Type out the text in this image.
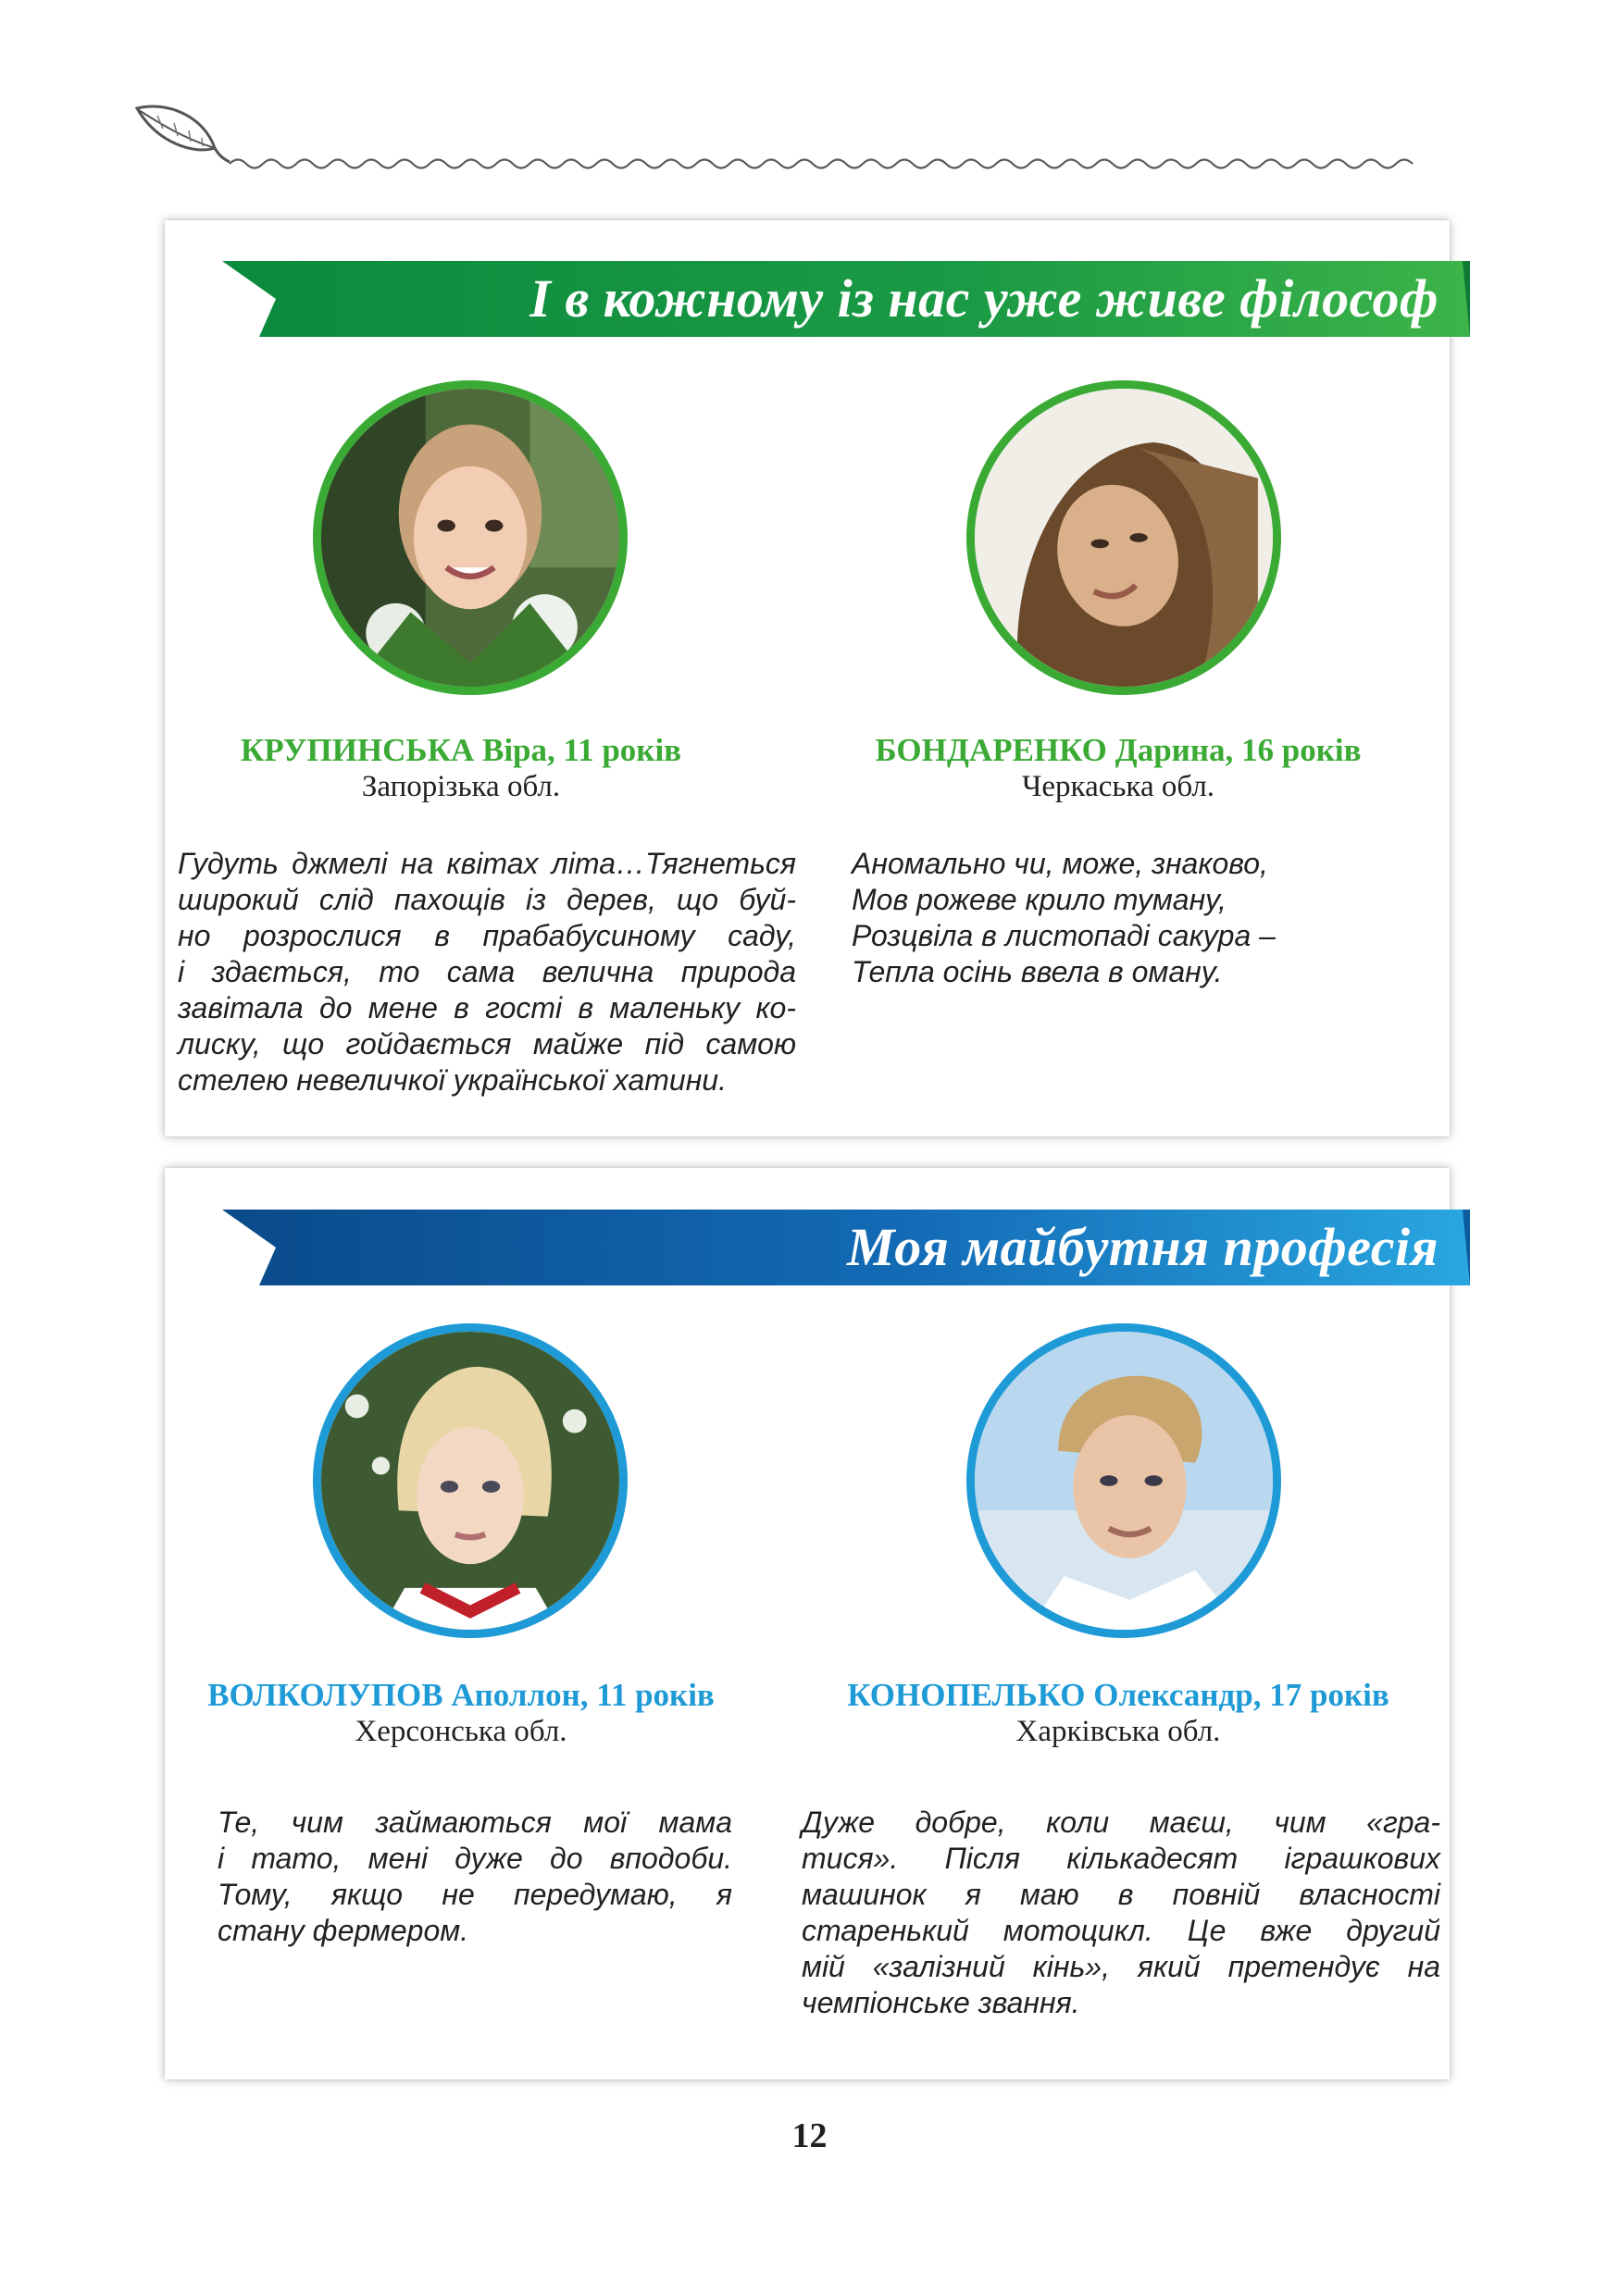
І в кожному із нас уже живе філософ
КРУПИНСЬКА Віра, 11 років
Запорізька обл.
Гудуть джмелі на квітах літа…Тягнеться
широкий слід пахощів із дерев, що буй-
но розрослися в прабабусиному саду,
і здається, то сама величнa природа
завітала до мене в гості в маленьку ко-
лиску, що гойдається майже під самою
стелею невеличкої української хатини.
БОНДАРЕНКО Дарина, 16 років
Черкаська обл.
Аномально чи, може, знаково,
Мов рожеве крило туману,
Розцвіла в листопаді сакура –
Тепла осінь ввела в оману.
Моя майбутня професія
ВОЛКОЛУПОВ Аполлон, 11 років
Херсонська обл.
Те, чим займаються мої мама
і тато, мені дуже до вподоби.
Тому, якщо не передумаю, я
стану фермером.
КОНОПЕЛЬКО Олександр, 17 років
Харківська обл.
Дуже добре, коли маєш, чим «гра-
тися». Після кількадесят іграшкових
машинок я маю в повній власності
старенький мотоцикл. Це вже другий
мій «залізний кінь», який претендує на
чемпіонське звання.
12
